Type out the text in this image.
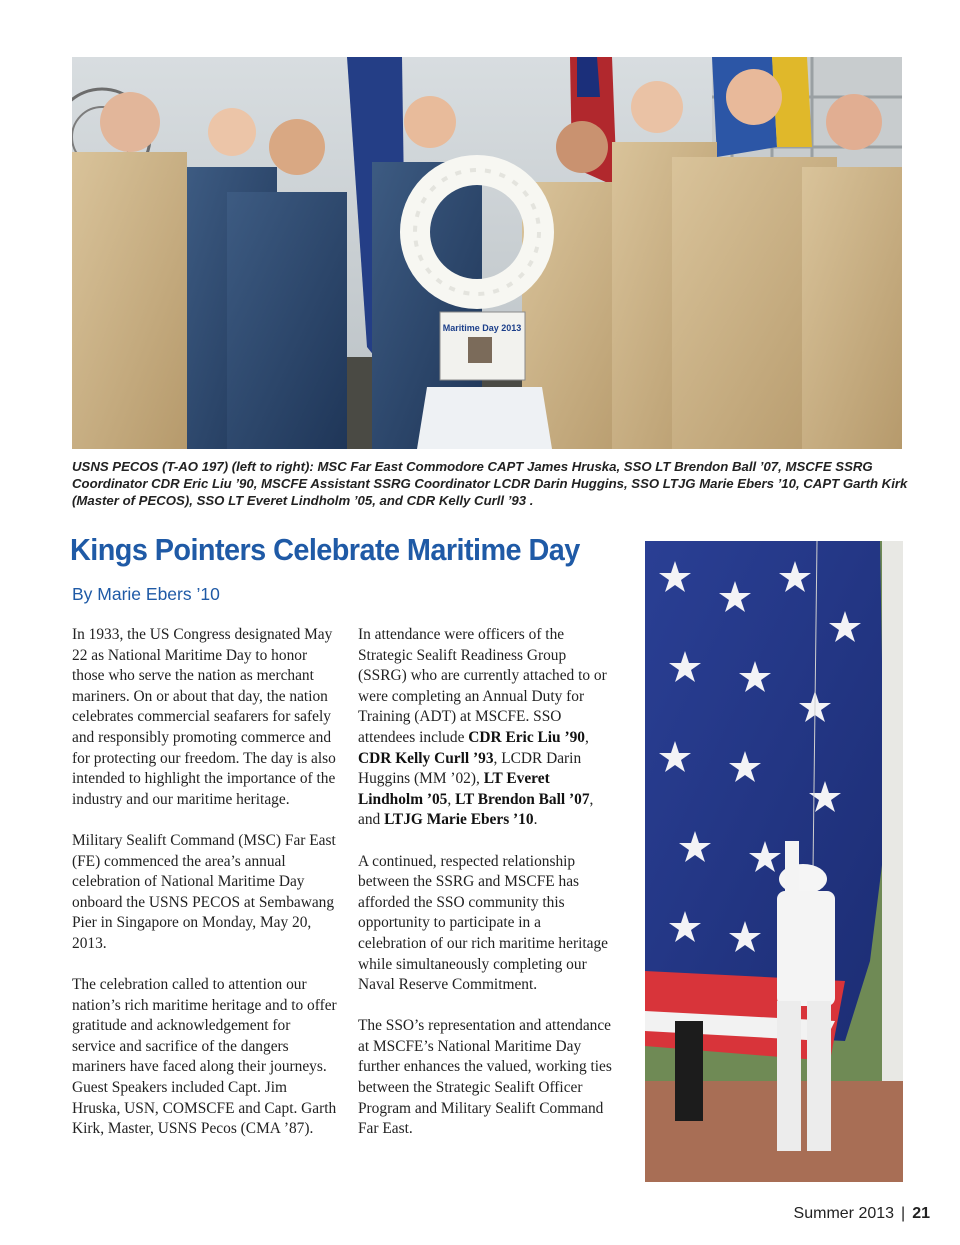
Maritime Day 2013
USNS PECOS (T-AO 197) (left to right): MSC Far East Commodore CAPT James Hruska, SSO LT Brendon Ball ’07, MSCFE SSRG Coordinator CDR Eric Liu ’90, MSCFE Assistant SSRG Coordinator LCDR Darin Huggins, SSO LTJG Marie Ebers ’10, CAPT Garth Kirk (Master of PECOS), SSO LT Everet Lindholm ’05, and CDR Kelly Curll ’93 .
Kings Pointers Celebrate Maritime Day
By Marie Ebers ’10

In 1933, the US Congress designated May 22 as National Maritime Day to honor those who serve the nation as merchant mariners. On or about that day, the nation celebrates commercial seafarers for safely and responsibly promoting commerce and for protecting our freedom. The day is also intended to highlight the importance of the industry and our maritime heritage.

Military Sealift Command (MSC) Far East (FE) commenced the area’s annual celebration of National Maritime Day onboard the USNS PECOS at Sembawang Pier in Singapore on Monday, May 20, 2013.

The celebration called to attention our nation’s rich maritime heritage and to offer gratitude and acknowledgement for service and sacrifice of the dangers mariners have faced along their journeys. Guest Speakers included Capt. Jim Hruska, USN, COMSCFE and Capt. Garth Kirk, Master, USNS Pecos (CMA ’87).

In attendance were officers of the Strategic Sealift Readiness Group (SSRG) who are currently attached to or were completing an Annual Duty for Training (ADT) at MSCFE. SSO attendees include CDR Eric Liu ’90, CDR Kelly Curll ’93, LCDR Darin Huggins (MM ’02), LT Everet Lindholm ’05, LT Brendon Ball ’07, and LTJG Marie Ebers ’10.

A continued, respected relationship between the SSRG and MSCFE has afforded the SSO community this opportunity to participate in a celebration of our rich maritime heritage while simultaneously completing our Naval Reserve Commitment.

The SSO’s representation and attendance at MSCFE’s National Maritime Day further enhances the valued, working ties between the Strategic Sealift Officer Program and Military Sealift Command Far East.

Summer 2013 | 21
